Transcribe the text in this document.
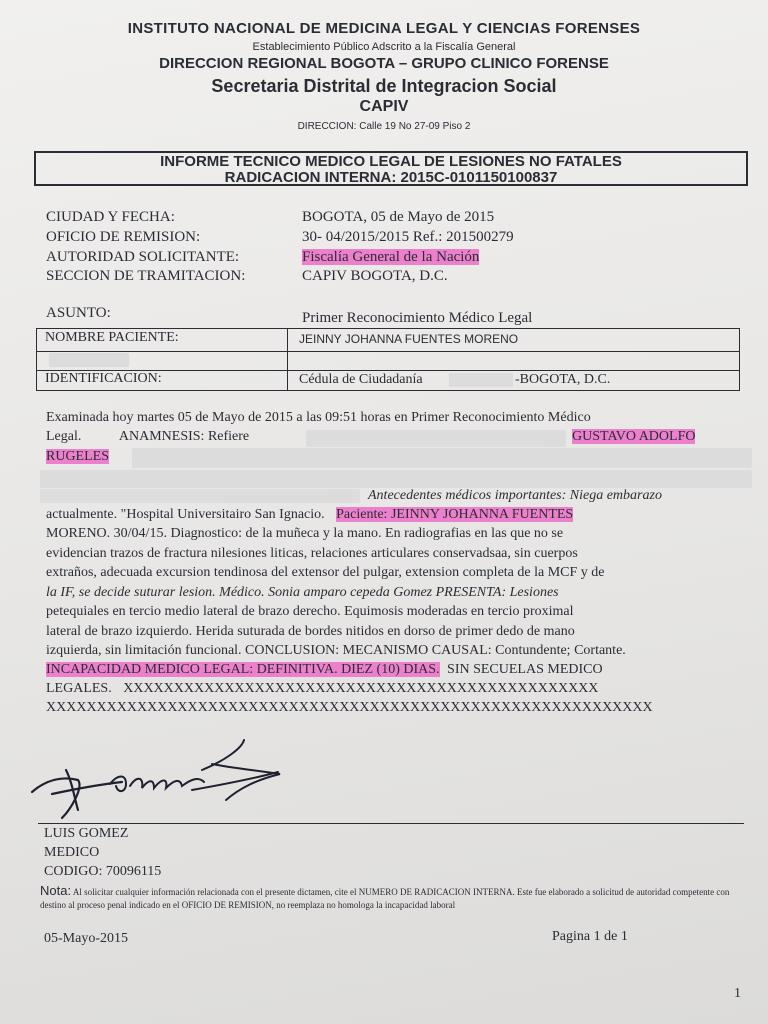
INSTITUTO NACIONAL DE MEDICINA LEGAL Y CIENCIAS FORENSES
Establecimiento Público Adscrito a la Fiscalía General
DIRECCION REGIONAL BOGOTA – GRUPO CLINICO FORENSE
Secretaria Distrital de Integracion Social
CAPIV
DIRECCION: Calle 19 No 27-09 Piso 2
INFORME TECNICO MEDICO LEGAL DE LESIONES NO FATALES
RADICACION INTERNA: 2015C-0101150100837
CIUDAD Y FECHA:	BOGOTA, 05 de Mayo de 2015
OFICIO DE REMISION:	30- 04/2015/2015 Ref.: 201500279
AUTORIDAD SOLICITANTE:	Fiscalía General de la Nación
SECCION DE TRAMITACION:	CAPIV BOGOTA, D.C.
ASUNTO:	Primer Reconocimiento Médico Legal
NOMBRE PACIENTE:	JEINNY JOHANNA FUENTES MORENO
IDENTIFICACION:	Cédula de Ciudadanía	-BOGOTA, D.C.
Examinada hoy martes 05 de Mayo de 2015 a las 09:51 horas en Primer Reconocimiento Médico
Legal.	ANAMNESIS: Refiere	GUSTAVO ADOLFO
RUGELES
Antecedentes médicos importantes: Niega embarazo
actualmente. "Hospital Universitairo San Ignacio. Paciente: JEINNY JOHANNA FUENTES
MORENO. 30/04/15. Diagnostico: de la muñeca y la mano. En radiografias en las que no se
evidencian trazos de fractura nilesiones liticas, relaciones articulares conservadsaa, sin cuerpos
extraños, adecuada excursion tendinosa del extensor del pulgar, extension completa de la MCF y de
la IF, se decide suturar lesion. Médico. Sonia amparo cepeda Gomez PRESENTA: Lesiones
petequiales en tercio medio lateral de brazo derecho. Equimosis moderadas en tercio proximal
lateral de brazo izquierdo. Herida suturada de bordes nitidos en dorso de primer dedo de mano
izquierda, sin limitación funcional. CONCLUSION: MECANISMO CAUSAL: Contundente; Cortante.
INCAPACIDAD MEDICO LEGAL: DEFINITIVA. DIEZ (10) DIAS. SIN SECUELAS MEDICO
LEGALES. XXXXXXXXXXXXXXXXXXXXXXXXXXXXXXXXXXXXXXXXXXXXXXX
XXXXXXXXXXXXXXXXXXXXXXXXXXXXXXXXXXXXXXXXXXXXXXXXXXXXXXXXXXXX
LUIS GOMEZ
MEDICO
CODIGO: 70096115
Nota: Al solicitar cualquier información relacionada con el presente dictamen, cite el NUMERO DE RADICACION INTERNA. Este fue elaborado a solicitud de autoridad competente con destino al proceso penal indicado en el OFICIO DE REMISION, no reemplaza no homologa la incapacidad laboral
05-Mayo-2015	Pagina 1 de 1
1
